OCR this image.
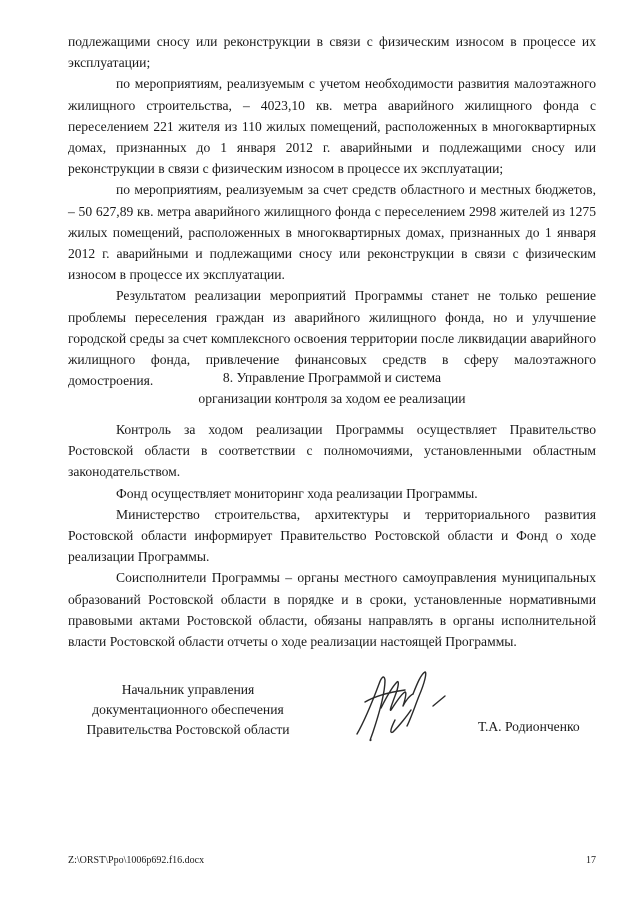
подлежащими сносу или реконструкции в связи с физическим износом в процессе их эксплуатации;

по мероприятиям, реализуемым с учетом необходимости развития малоэтажного жилищного строительства, – 4023,10 кв. метра аварийного жилищного фонда с переселением 221 жителя из 110 жилых помещений, расположенных в многоквартирных домах, признанных до 1 января 2012 г. аварийными и подлежащими сносу или реконструкции в связи с физическим износом в процессе их эксплуатации;

по мероприятиям, реализуемым за счет средств областного и местных бюджетов, – 50 627,89 кв. метра аварийного жилищного фонда с переселением 2998 жителей из 1275 жилых помещений, расположенных в многоквартирных домах, признанных до 1 января 2012 г. аварийными и подлежащими сносу или реконструкции в связи с физическим износом в процессе их эксплуатации.

Результатом реализации мероприятий Программы станет не только решение проблемы переселения граждан из аварийного жилищного фонда, но и улучшение городской среды за счет комплексного освоения территории после ликвидации аварийного жилищного фонда, привлечение финансовых средств в сферу малоэтажного домостроения.	8. Управление Программой и система
организации контроля за ходом ее реализации

Контроль за ходом реализации Программы осуществляет Правительство Ростовской области в соответствии с полномочиями, установленными областным законодательством.

Фонд осуществляет мониторинг хода реализации Программы.

Министерство строительства, архитектуры и территориального развития Ростовской области информирует Правительство Ростовской области и Фонд о ходе реализации Программы.

Соисполнители Программы – органы местного самоуправления муниципальных образований Ростовской области в порядке и в сроки, установленные нормативными правовыми актами Ростовской области, обязаны направлять в органы исполнительной власти Ростовской области отчеты о ходе реализации настоящей Программы.

Начальник управления
документационного обеспечения
Правительства Ростовской области	Т.А. Родионченко
Z:\ORST\Ppo\1006p692.f16.docx	17
